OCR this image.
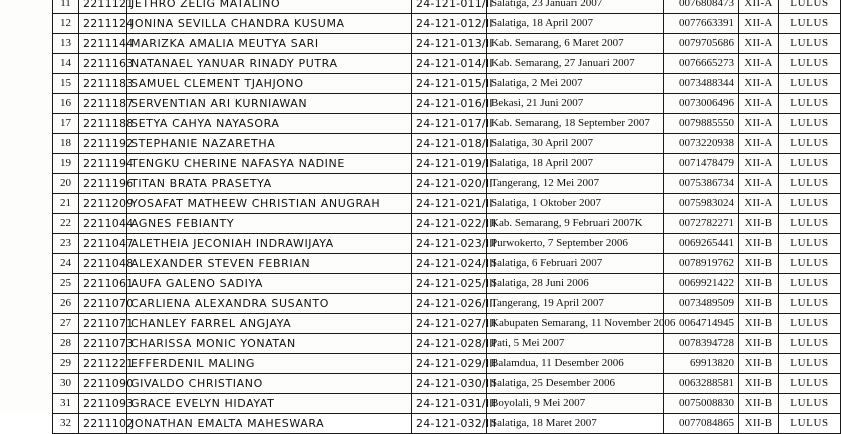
11	2211121	JETHRO ZELIG MATALINO	24-121-011/II	Salatiga, 23 Januari 2007	0076808473	XII-A	LULUS
12	2211124	JONINA SEVILLA CHANDRA KUSUMA	24-121-012/II	Salatiga, 18 April 2007	0077663391	XII-A	LULUS
13	2211144	MARIZKA AMALIA MEUTYA SARI	24-121-013/II	Kab. Semarang, 6 Maret 2007	0079705686	XII-A	LULUS
14	2211163	NATANAEL YANUAR RINADY PUTRA	24-121-014/II	Kab. Semarang, 27 Januari 2007	0076665273	XII-A	LULUS
15	2211183	SAMUEL CLEMENT TJAHJONO	24-121-015/II	Salatiga, 2 Mei 2007	0073488344	XII-A	LULUS
16	2211187	SERVENTIAN ARI KURNIAWAN	24-121-016/II	Bekasi, 21 Juni 2007	0073006496	XII-A	LULUS
17	2211188	SETYA CAHYA NAYASORA	24-121-017/II	Kab. Semarang, 18 September 2007	0079885550	XII-A	LULUS
18	2211192	STEPHANIE NAZARETHA	24-121-018/II	Salatiga, 30 April 2007	0073220938	XII-A	LULUS
19	2211194	TENGKU CHERINE NAFASYA NADINE	24-121-019/II	Salatiga, 18 April 2007	0071478479	XII-A	LULUS
20	2211196	TITAN BRATA PRASETYA	24-121-020/II	Tangerang, 12 Mei 2007	0075386734	XII-A	LULUS
21	2211209	YOSAFAT MATHEEW CHRISTIAN ANUGRAH	24-121-021/II	Salatiga, 1 Oktober 2007	0075983024	XII-A	LULUS
22	2211044	AGNES FEBIANTY	24-121-022/III	Kab. Semarang, 9 Februari 2007K	0072782271	XII-B	LULUS
23	2211047	ALETHEIA JECONIAH INDRAWIJAYA	24-121-023/III	Purwokerto, 7 September 2006	0069265441	XII-B	LULUS
24	2211048	ALEXANDER STEVEN FEBRIAN	24-121-024/III	Salatiga, 6 Februari 2007	0078919762	XII-B	LULUS
25	2211061	AUFA GALENO SADIYA	24-121-025/III	Salatiga, 28 Juni 2006	0069921422	XII-B	LULUS
26	2211070	CARLIENA ALEXANDRA SUSANTO	24-121-026/III	Tangerang, 19 April 2007	0073489509	XII-B	LULUS
27	2211071	CHANLEY FARREL ANGJAYA	24-121-027/III	Kabupaten Semarang, 11 November 2006	0064714945	XII-B	LULUS
28	2211073	CHARISSA MONIC YONATAN	24-121-028/III	Pati, 5 Mei 2007	0078394728	XII-B	LULUS
29	2211221	EFFERDENIL MALING	24-121-029/III	Balamdua, 11 Desember 2006	69913820	XII-B	LULUS
30	2211090	GIVALDO CHRISTIANO	24-121-030/III	Salatiga, 25 Desember 2006	0063288581	XII-B	LULUS
31	2211093	GRACE EVELYN HIDAYAT	24-121-031/III	Boyolali, 9 Mei 2007	0075008830	XII-B	LULUS
32	2211102	JONATHAN EMALTA MAHESWARA	24-121-032/III	Salatiga, 18 Maret 2007	0077084865	XII-B	LULUS
